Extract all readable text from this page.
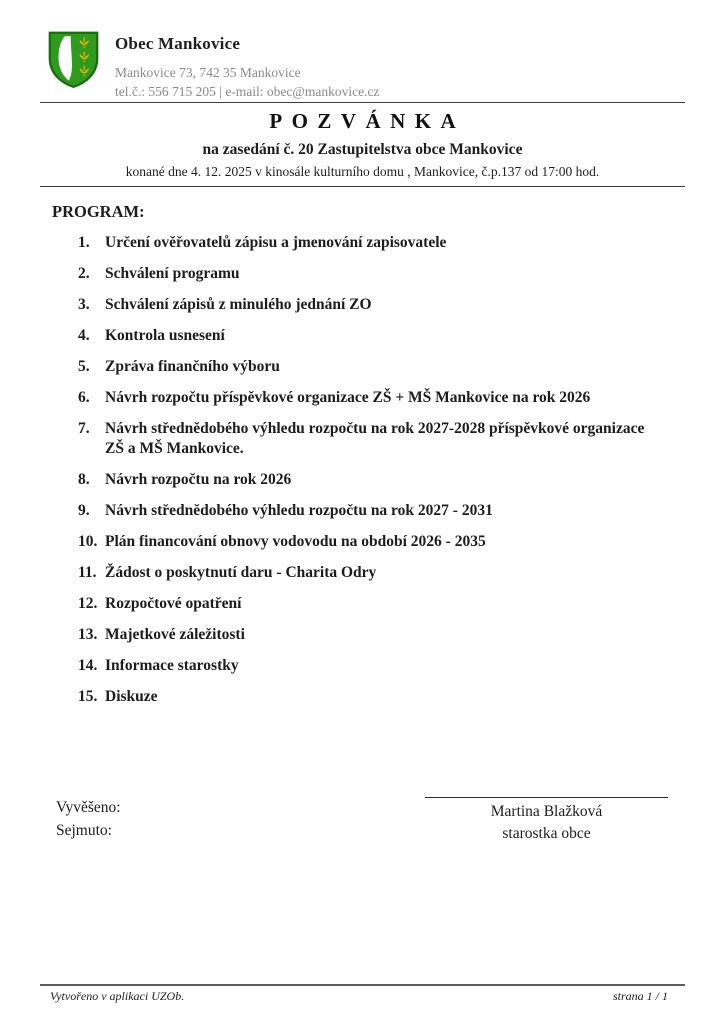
Obec Mankovice
Mankovice 73, 742 35 Mankovice
tel.č.: 556 715 205 | e-mail: obec@mankovice.cz
POZVÁNKA
na zasedání č. 20 Zastupitelstva obce Mankovice
konané dne 4. 12. 2025 v kinosále kulturního domu , Mankovice, č.p.137 od 17:00 hod.
PROGRAM:
1. Určení ověřovatelů zápisu a jmenování zapisovatele
2. Schválení programu
3. Schválení zápisů z minulého jednání ZO
4. Kontrola usnesení
5. Zpráva finančního výboru
6. Návrh rozpočtu příspěvkové organizace ZŠ + MŠ Mankovice na rok 2026
7. Návrh střednědobého výhledu rozpočtu na rok 2027-2028 příspěvkové organizace ZŠ a MŠ Mankovice.
8. Návrh rozpočtu na rok 2026
9. Návrh střednědobého výhledu rozpočtu na rok 2027 - 2031
10. Plán financování obnovy vodovodu na období 2026 - 2035
11. Žádost o poskytnutí daru - Charita Odry
12. Rozpočtové opatření
13. Majetkové záležitosti
14. Informace starostky
15. Diskuze
Vyvěšeno:
Sejmuto:
Martina Blažková
starostka obce
Vytvořeno v aplikaci UZOb.	strana 1 / 1
